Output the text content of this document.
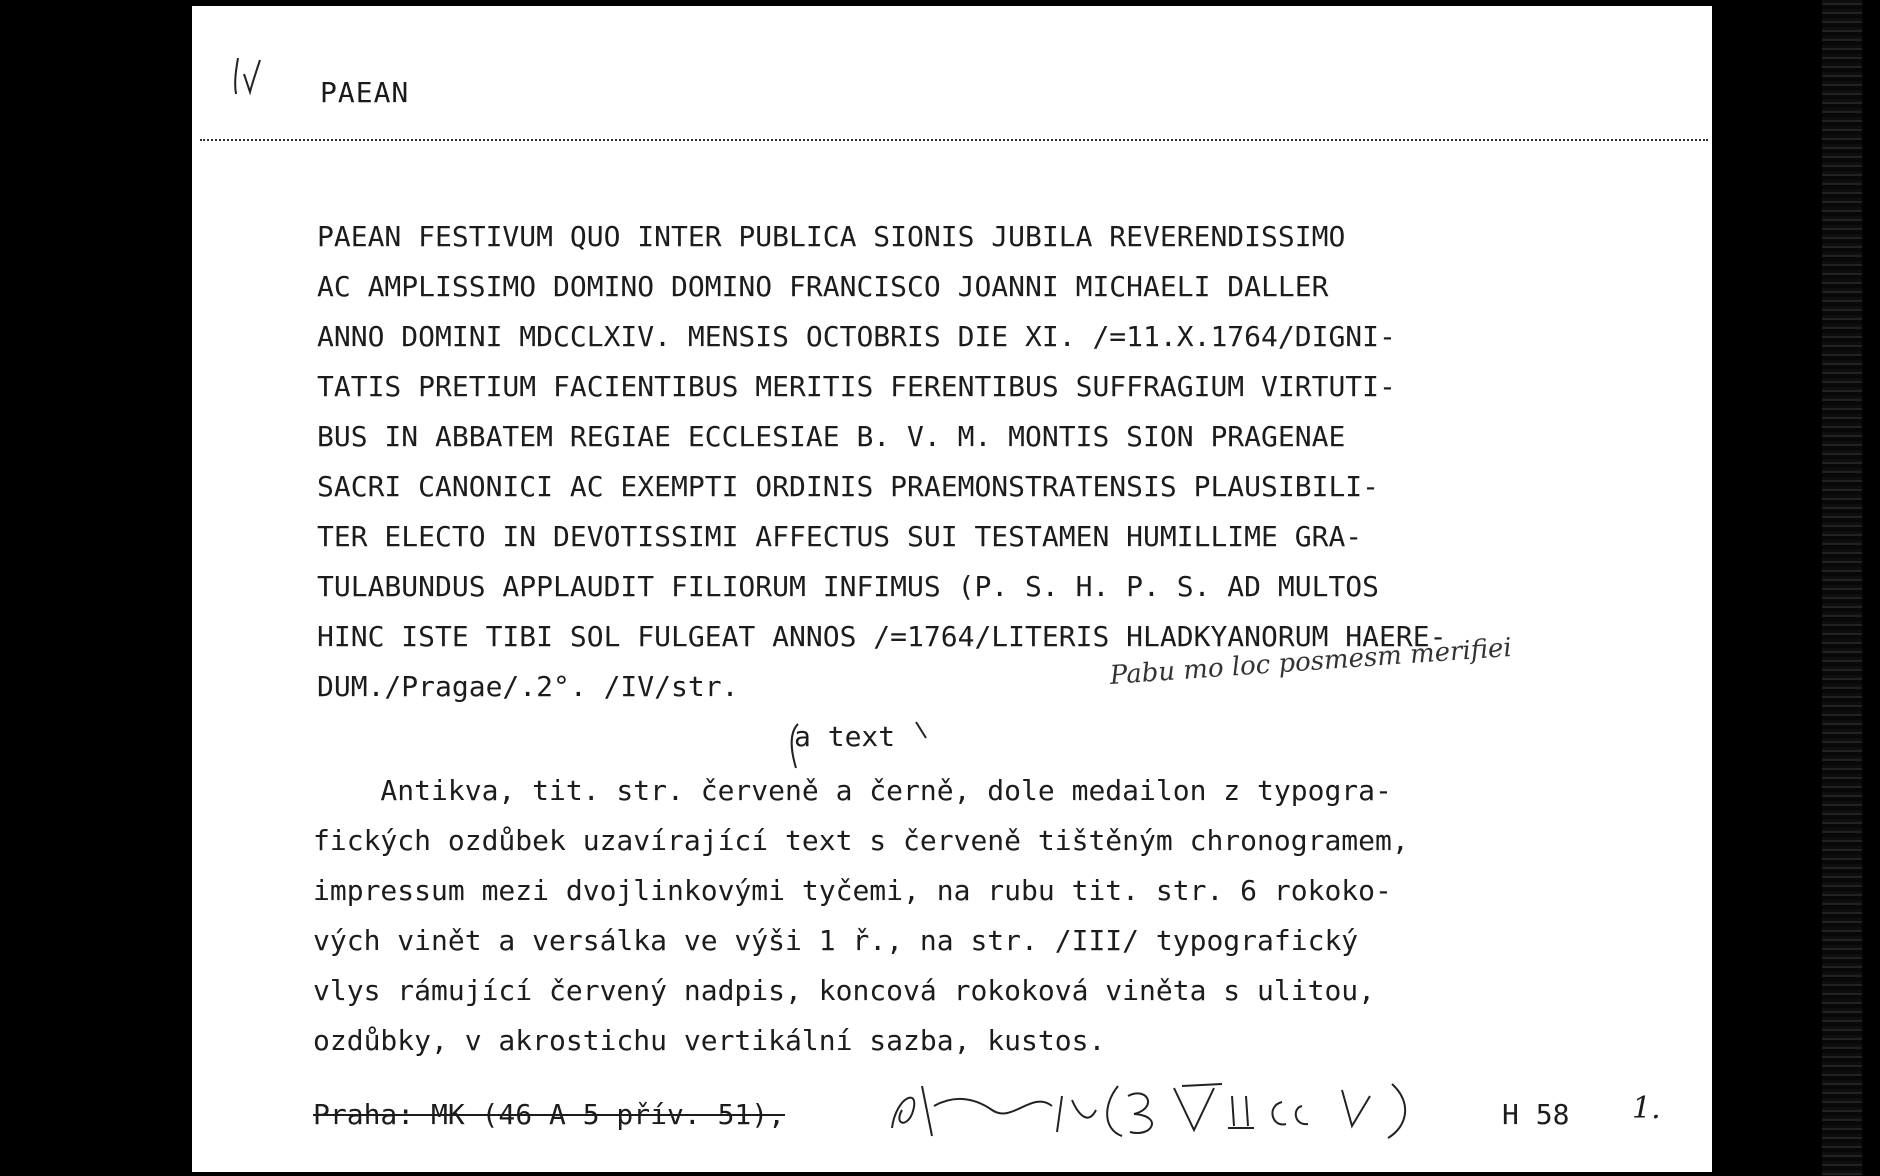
PAEAN
PAEAN FESTIVUM QUO INTER PUBLICA SIONIS JUBILA REVERENDISSIMO
AC AMPLISSIMO DOMINO DOMINO FRANCISCO JOANNI MICHAELI DALLER
ANNO DOMINI MDCCLXIV. MENSIS OCTOBRIS DIE XI. /=11.X.1764/DIGNI-
TATIS PRETIUM FACIENTIBUS MERITIS FERENTIBUS SUFFRAGIUM VIRTUTI-
BUS IN ABBATEM REGIAE ECCLESIAE B. V. M. MONTIS SION PRAGENAE
SACRI CANONICI AC EXEMPTI ORDINIS PRAEMONSTRATENSIS PLAUSIBILI-
TER ELECTO IN DEVOTISSIMI AFFECTUS SUI TESTAMEN HUMILLIME GRA-
TULABUNDUS APPLAUDIT FILIORUM INFIMUS (P. S. H. P. S. AD MULTOS
HINC ISTE TIBI SOL FULGEAT ANNOS /=1764/LITERIS HLADKYANORUM HAERE-
DUM./Pragae/.2°. /IV/str.	Pabu mo loc posmesm merifiei
a text
Antikva, tit. str. červeně a černě, dole medailon z typogra-
fických ozdůbek uzavírající text s červeně tištěným chronogramem,
impressum mezi dvojlinkovými tyčemi, na rubu tit. str. 6 rokoko-
vých vinět a versálka ve výši 1 ř., na str. /III/ typografický
vlys rámující červený nadpis, koncová rokoková viněta s ulitou,
ozdůbky, v akrostichu vertikální sazba, kustos.
Praha: MK (46 A 5 přív. 51),	H 58 1.
